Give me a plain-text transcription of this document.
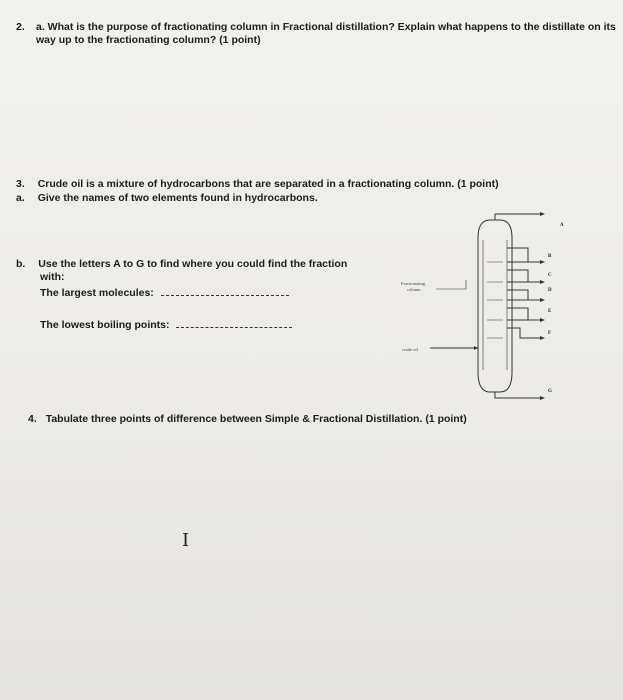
2. a. What is the purpose of fractionating column in Fractional distillation? Explain what happens to the distillate on its way up to the fractionating column? (1 point)
3. Crude oil is a mixture of hydrocarbons that are separated in a fractionating column. (1 point)
a. Give the names of two elements found in hydrocarbons.
b. Use the letters A to G to find where you could find the fraction
with:
The largest molecules:
The lowest boiling points:
4. Tabulate three points of difference between Simple & Fractional Distillation. (1 point)
I
A
B
C
D
E
F
G
Fractionating
column
crude oil
